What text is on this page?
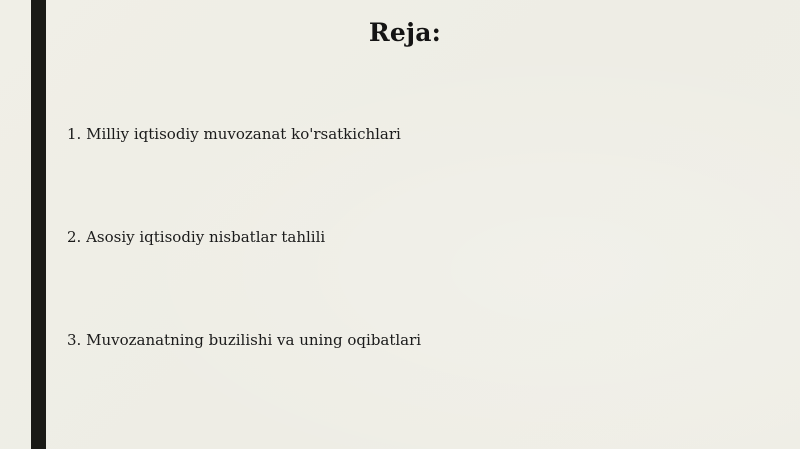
Reja:
1. Milliy iqtisodiy muvozanat ko'rsatkichlari
2. Asosiy iqtisodiy nisbatlar tahlili
3. Muvozanatning buzilishi va uning oqibatlari
